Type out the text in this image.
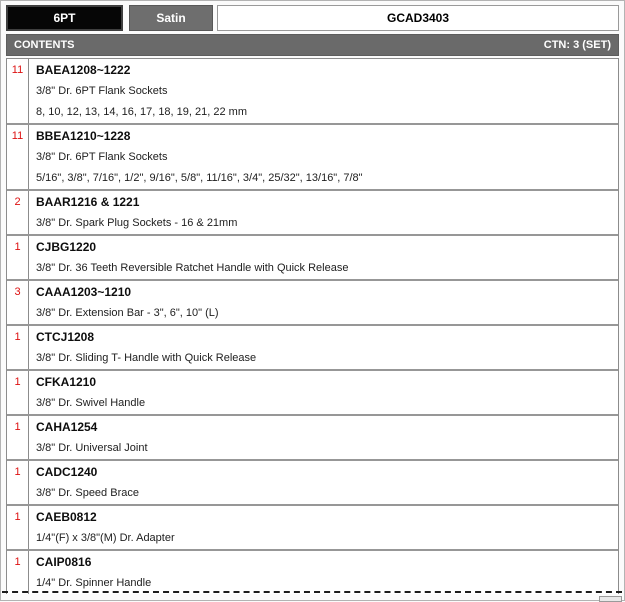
6PT	Satin	GCAD3403
CONTENTS	CTN: 3 (SET)
11	BAEA1208~1222
3/8" Dr. 6PT Flank Sockets
8, 10, 12, 13, 14, 16, 17, 18, 19, 21, 22 mm
11	BBEA1210~1228
3/8" Dr. 6PT Flank Sockets
5/16", 3/8", 7/16", 1/2", 9/16", 5/8", 11/16", 3/4", 25/32", 13/16", 7/8"
2	BAAR1216 & 1221
3/8" Dr. Spark Plug Sockets - 16 & 21mm
1	CJBG1220
3/8" Dr. 36 Teeth Reversible Ratchet Handle with Quick Release
3	CAAA1203~1210
3/8" Dr. Extension Bar - 3", 6", 10" (L)
1	CTCJ1208
3/8" Dr. Sliding T- Handle with Quick Release
1	CFKA1210
3/8" Dr. Swivel Handle
1	CAHA1254
3/8" Dr. Universal Joint
1	CADC1240
3/8" Dr. Speed Brace
1	CAEB0812
1/4"(F) x 3/8"(M) Dr. Adapter
1	CAIP0816
1/4" Dr. Spinner Handle
